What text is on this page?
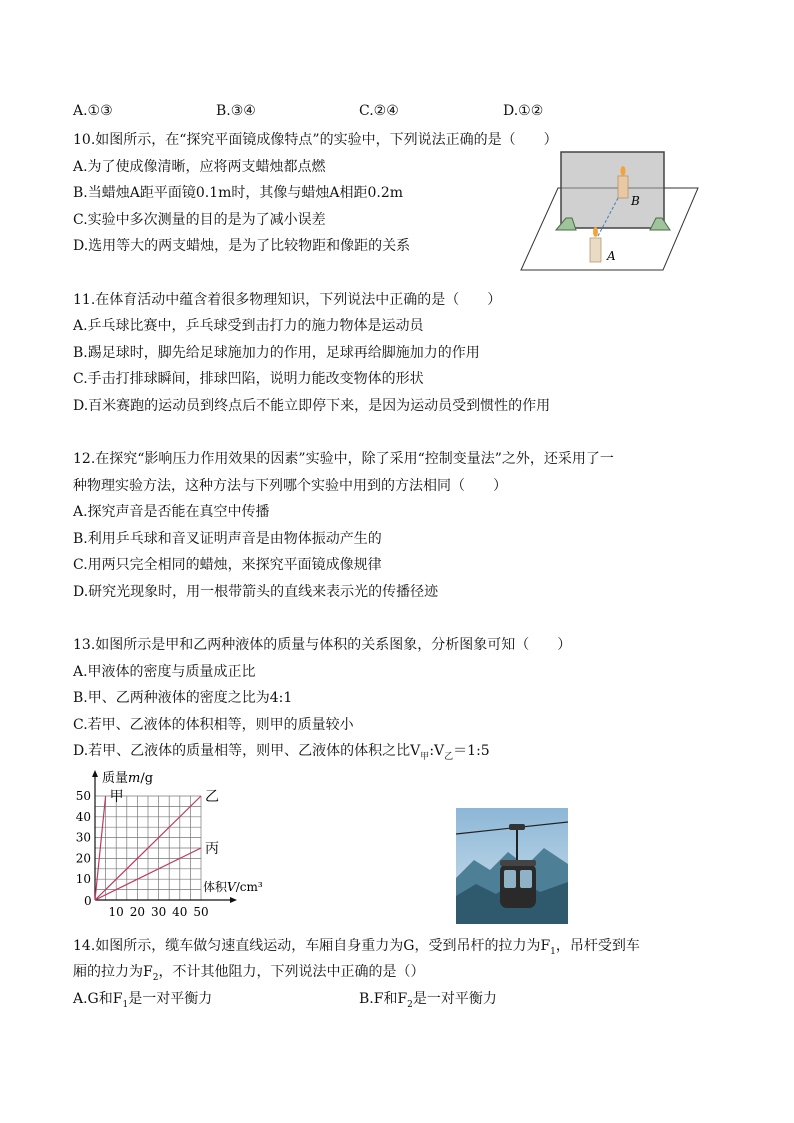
A.①③	B.③④	C.②④	D.①②
10.如图所示，在“探究平面镜成像特点”的实验中，下列说法正确的是（　　）
A.为了使成像清晰，应将两支蜡烛都点燃
B.当蜡烛A距平面镜0.1m时，其像与蜡烛A相距0.2m
C.实验中多次测量的目的是为了减小误差
D.选用等大的两支蜡烛，是为了比较物距和像距的关系
B
A
11.在体育活动中蕴含着很多物理知识，下列说法中正确的是（　　）
A.乒乓球比赛中，乒乓球受到击打力的施力物体是运动员
B.踢足球时，脚先给足球施加力的作用，足球再给脚施加力的作用
C.手击打排球瞬间，排球凹陷，说明力能改变物体的形状
D.百米赛跑的运动员到终点后不能立即停下来，是因为运动员受到惯性的作用
12.在探究“影响压力作用效果的因素”实验中，除了采用“控制变量法”之外，还采用了一
种物理实验方法，这种方法与下列哪个实验中用到的方法相同（　　）
A.探究声音是否能在真空中传播
B.利用乒乓球和音叉证明声音是由物体振动产生的
C.用两只完全相同的蜡烛，来探究平面镜成像规律
D.研究光现象时，用一根带箭头的直线来表示光的传播径迹
13.如图所示是甲和乙两种液体的质量与体积的关系图象，分析图象可知（　　）
A.甲液体的密度与质量成正比
B.甲、乙两种液体的密度之比为4:1
C.若甲、乙液体的体积相等，则甲的质量较小
D.若甲、乙液体的质量相等，则甲、乙液体的体积之比$V_甲:V_乙=1:5$
甲	乙
丙
10 20 30 40 50
50
40
30
20
10
质量m/g
体积V/cm³
0
14.如图所示，缆车做匀速直线运动，车厢自身重力为G，受到吊杆的拉力为$F_1$，吊杆受到车
厢的拉力为$F_2$，不计其他阻力，下列说法中正确的是（）
A.G和$F_1$是一对平衡力	B.F和$F_2$是一对平衡力
